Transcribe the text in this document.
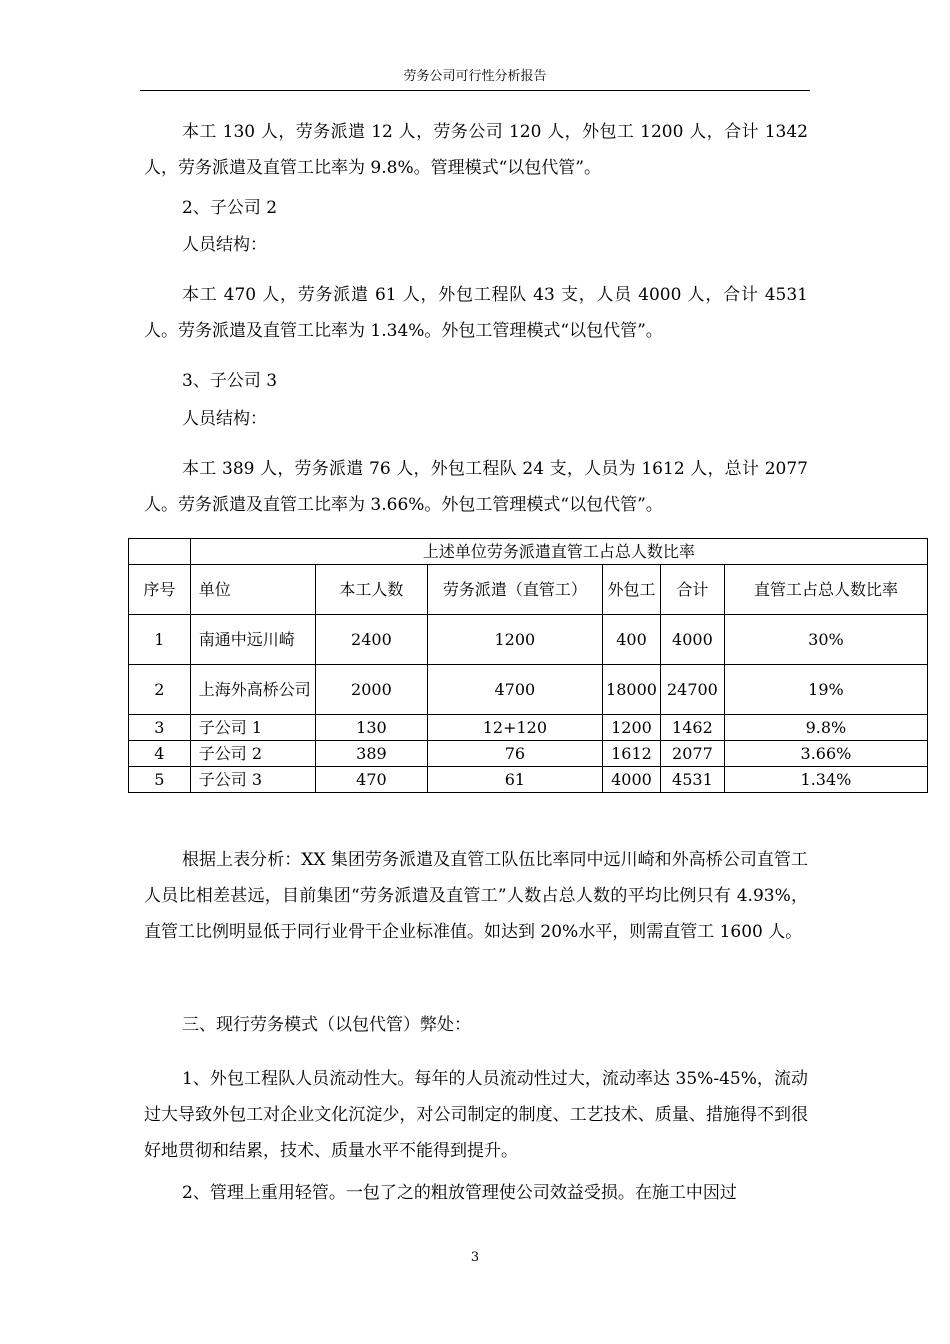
劳务公司可行性分析报告

本工 130 人，劳务派遣 12 人，劳务公司 120 人，外包工 1200 人，合计 1342 人，劳务派遣及直管工比率为 9.8%。管理模式“以包代管”。

2、子公司 2

人员结构：

本工 470 人，劳务派遣 61 人，外包工程队 43 支，人员 4000 人，合计 4531 人。劳务派遣及直管工比率为 1.34%。外包工管理模式“以包代管”。

3、子公司 3

人员结构：

本工 389 人，劳务派遣 76 人，外包工程队 24 支，人员为 1612 人，总计 2077 人。劳务派遣及直管工比率为 3.66%。外包工管理模式“以包代管”。

	上述单位劳务派遣直管工占总人数比率					
序号	单位	本工人数	劳务派遣（直管工）	外包工	合计	直管工占总人数比率
1	南通中远川崎	2400	1200	400	4000	30%
2	上海外高桥公司	2000	4700	18000	24700	19%
3	子公司 1	130	12+120	1200	1462	9.8%
4	子公司 2	389	76	1612	2077	3.66%
5	子公司 3	470	61	4000	4531	1.34%

根据上表分析：XX 集团劳务派遣及直管工队伍比率同中远川崎和外高桥公司直管工人员比相差甚远，目前集团“劳务派遣及直管工”人数占总人数的平均比例只有 4.93%，直管工比例明显低于同行业骨干企业标准值。如达到 20%水平，则需直管工 1600 人。

三、现行劳务模式（以包代管）弊处：

1、外包工程队人员流动性大。每年的人员流动性过大，流动率达 35%-45%，流动过大导致外包工对企业文化沉淀少，对公司制定的制度、工艺技术、质量、措施得不到很好地贯彻和结累，技术、质量水平不能得到提升。

2、管理上重用轻管。一包了之的粗放管理使公司效益受损。在施工中因过

3
